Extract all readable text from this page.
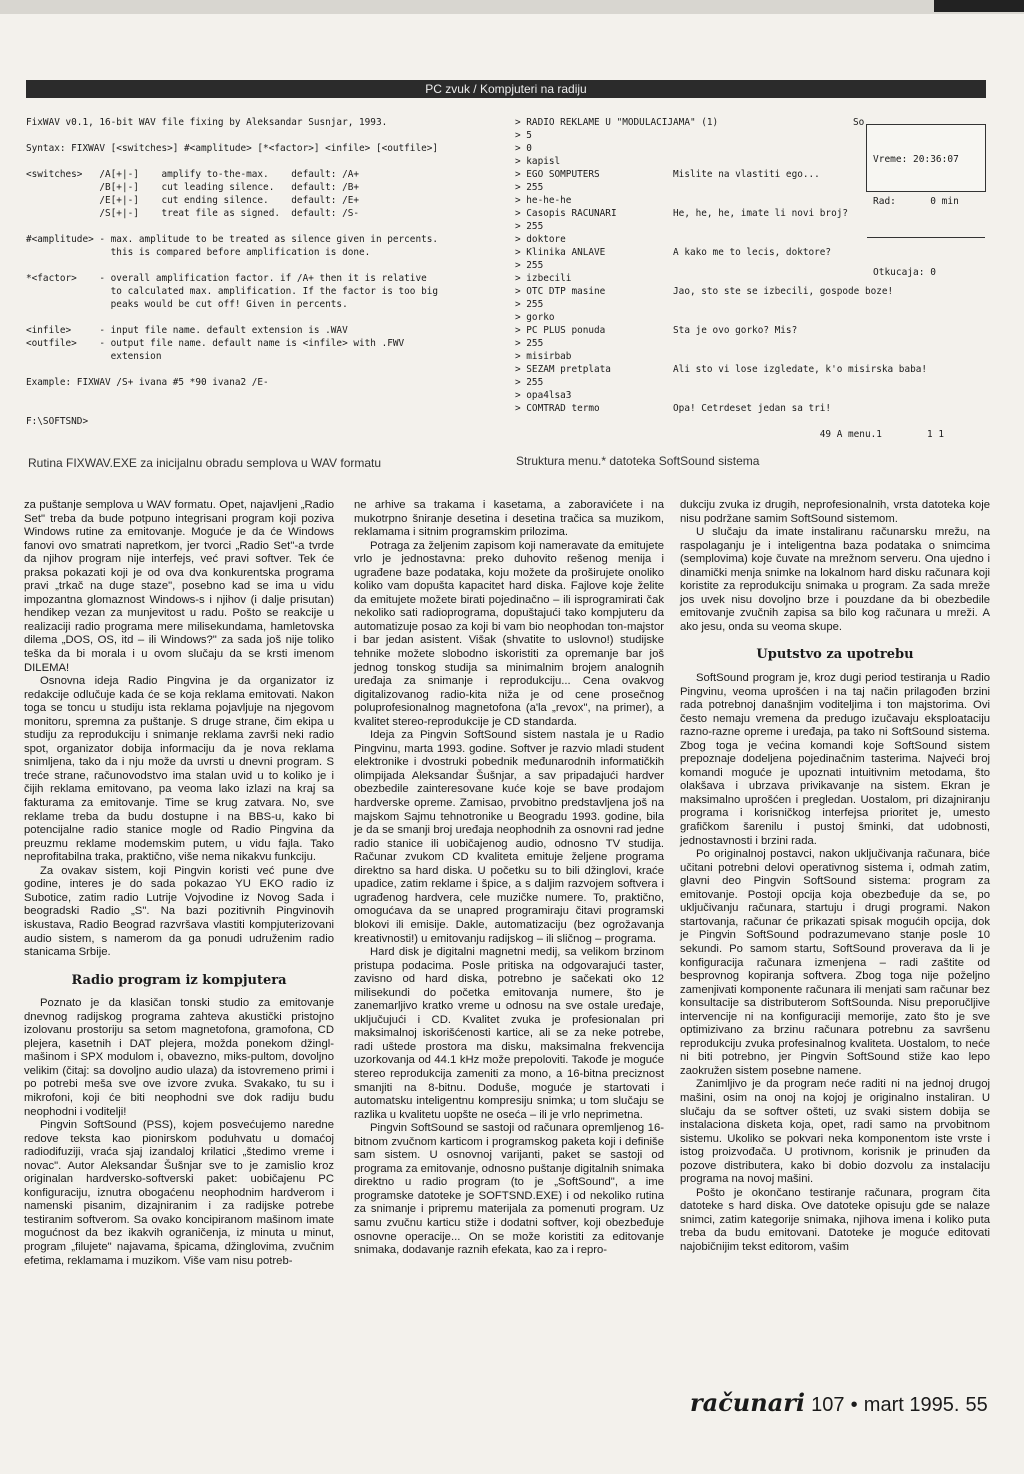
PC zvuk / Kompjuteri na radiju
FixWAV v0.1, 16-bit WAV file fixing by Aleksandar Susnjar, 1993.

Syntax: FIXWAV [<switches>] #<amplitude> [*<factor>] <infile> [<outfile>]

<switches>   /A[+|-]    amplify to-the-max.    default: /A+
/B[+|-]    cut leading silence.   default: /B+
/E[+|-]    cut ending silence.    default: /E+
/S[+|-]    treat file as signed.  default: /S-

#<amplitude> - max. amplitude to be treated as silence given in percents.
this is compared before amplification is done.

*<factor>    - overall amplification factor. if /A+ then it is relative
to calculated max. amplification. If the factor is too big
peaks would be cut off! Given in percents.

<infile>     - input file name. default extension is .WAV
<outfile>    - output file name. default name is <infile> with .FWV
extension

Example: FIXWAV /S+ ivana #5 *90 ivana2 /E-

F:\SOFTSND>
Rutina FIXWAV.EXE za inicijalnu obradu semplova u WAV formatu
> RADIO REKLAME U "MODULACIJAMA" (1)
> 5
> 0
> kapisl
> EGO SOMPUTERS             Mislite na vlastiti ego...
> 255
> he-he-he
> Casopis RACUNARI          He, he, he, imate li novi broj?
> 255
> doktore
> Klinika ANLAVE            A kako me to lecis, doktore?
> 255
> izbecili
> OTC DTP masine            Jao, sto ste se izbecili, gospode boze!
> 255
> gorko
> PC PLUS ponuda            Sta je ovo gorko? Mis?
> 255
> misirbab
> SEZAM pretplata           Ali sto vi lose izgledate, k'o misirska baba!
> 255
> opa4lsa3
> COMTRAD termo             Opa! Cetrdeset jedan sa tri!

49 A menu.1        1 1
So

Vreme: 20:36:07

Rad:      0 min

Otkucaja: 0

Struktura menu.* datoteka SoftSound sistema

za puštanje semplova u WAV formatu. Opet, najavljeni „Radio Set" treba da bude potpuno integrisani program koji poziva Windows rutine za emitovanje. Moguće je da će Windows fanovi ovo smatrati napretkom, jer tvorci „Radio Set"-a tvrde da njihov program nije interfejs, već pravi softver. Tek će praksa pokazati koji je od ova dva konkurentska programa pravi „trkač na duge staze", posebno kad se ima u vidu impozantna glomaznost Windows-s i njihov (i dalje prisutan) hendikep vezan za munjevitost u radu. Pošto se reakcije u realizaciji radio programa mere milisekundama, hamletovska dilema „DOS, OS, itd – ili Windows?" za sada još nije toliko teška da bi morala i u ovom slučaju da se krsti imenom DILEMA!

Osnovna ideja Radio Pingvina je da organizator iz redakcije odlučuje kada će se koja reklama emitovati. Nakon toga se toncu u studiju ista reklama pojavljuje na njegovom monitoru, spremna za puštanje. S druge strane, čim ekipa u studiju za reprodukciju i snimanje reklama završi neki radio spot, organizator dobija informaciju da je nova reklama snimljena, tako da i nju može da uvrsti u dnevni program. S treće strane, računovodstvo ima stalan uvid u to koliko je i čijih reklama emitovano, pa veoma lako izlazi na kraj sa fakturama za emitovanje. Time se krug zatvara. No, sve reklame treba da budu dostupne i na BBS-u, kako bi potencijalne radio stanice mogle od Radio Pingvina da preuzmu reklame modemskim putem, u vidu fajla. Tako neprofitabilna traka, praktično, više nema nikakvu funkciju.

Za ovakav sistem, koji Pingvin koristi već pune dve godine, interes je do sada pokazao YU EKO radio iz Subotice, zatim radio Lutrije Vojvodine iz Novog Sada i beogradski Radio „S". Na bazi pozitivnih Pingvinovih iskustava, Radio Beograd razvršava vlastiti kompjuterizovani audio sistem, s namerom da ga ponudi udruženim radio stanicama Srbije.

Radio program iz kompjutera

Poznato je da klasičan tonski studio za emitovanje dnevnog radijskog programa zahteva akustički pristojno izolovanu prostoriju sa setom magnetofona, gramofona, CD plejera, kasetnih i DAT plejera, možda ponekom džingl-mašinom i SPX modulom i, obavezno, miks-pultom, dovoljno velikim (čitaj: sa dovoljno audio ulaza) da istovremeno primi i po potrebi meša sve ove izvore zvuka. Svakako, tu su i mikrofoni, koji će biti neophodni sve dok radiju budu neophodni i voditelji!

Pingvin SoftSound (PSS), kojem posvećujemo naredne redove teksta kao pionirskom poduhvatu u domaćoj radiodifuziji, vraća sjaj izandaloj krilatici „štedimo vreme i novac". Autor Aleksandar Šušnjar sve to je zamislio kroz originalan hardversko-softverski paket: uobičajenu PC konfiguraciju, iznutra obogaćenu neophodnim hardverom i namenski pisanim, dizajniranim i za radijske potrebe testiranim softverom. Sa ovako koncipiranom mašinom imate mogućnost da bez ikakvih ograničenja, iz minuta u minut, program „filujete" najavama, špicama, džinglovima, zvučnim efetima, reklamama i muzikom. Više vam nisu potreb-

ne arhive sa trakama i kasetama, a zaboravićete i na mukotrpno šniranje desetina i desetina tračica sa muzikom, reklamama i sitnim programskim prilozima.

Potraga za željenim zapisom koji nameravate da emitujete vrlo je jednostavna: preko duhovito rešenog menija i ugrađene baze podataka, koju možete da proširujete onoliko koliko vam dopušta kapacitet hard diska. Fajlove koje želite da emitujete možete birati pojedinačno – ili isprogramirati čak nekoliko sati radioprograma, dopuštajući tako kompjuteru da automatizuje posao za koji bi vam bio neophodan ton-majstor i bar jedan asistent. Višak (shvatite to uslovno!) studijske tehnike možete slobodno iskoristiti za opremanje bar još jednog tonskog studija sa minimalnim brojem analognih uređaja za snimanje i reprodukciju... Cena ovakvog digitalizovanog radio-kita niža je od cene prosečnog poluprofesionalnog magnetofona (a'la „revox", na primer), a kvalitet stereo-reprodukcije je CD standarda.

Ideja za Pingvin SoftSound sistem nastala je u Radio Pingvinu, marta 1993. godine. Softver je razvio mladi student elektronike i dvostruki pobednik međunarodnih informatičkih olimpijada Aleksandar Šušnjar, a sav pripadajući hardver obezbedile zainteresovane kuće koje se bave prodajom hardverske opreme. Zamisao, prvobitno predstavljena još na majskom Sajmu tehnotronike u Beogradu 1993. godine, bila je da se smanji broj uređaja neophodnih za osnovni rad jedne radio stanice ili uobičajenog audio, odnosno TV studija. Računar zvukom CD kvaliteta emituje željene programa direktno sa hard diska. U početku su to bili džinglovi, kraće upadice, zatim reklame i špice, a s daljim razvojem softvera i ugrađenog hardvera, cele muzičke numere. To, praktično, omogućava da se unapred programiraju čitavi programski blokovi ili emisije. Dakle, automatizaciju (bez ogrožavanja kreativnosti!) u emitovanju radijskog – ili sličnog – programa.

Hard disk je digitalni magnetni medij, sa velikom brzinom pristupa podacima. Posle pritiska na odgovarajući taster, zavisno od hard diska, potrebno je sačekati oko 12 milisekundi do početka emitovanja numere, što je zanemarljivo kratko vreme u odnosu na sve ostale uređaje, uključujući i CD. Kvalitet zvuka je profesionalan pri maksimalnoj iskorišćenosti kartice, ali se za neke potrebe, radi uštede prostora ma disku, maksimalna frekvencija uzorkovanja od 44.1 kHz može prepoloviti. Takođe je moguće stereo reprodukcija zameniti za mono, a 16-bitna preciznost smanjiti na 8-bitnu. Doduše, moguće je startovati i automatsku inteligentnu kompresiju snimka; u tom slučaju se razlika u kvalitetu uopšte ne oseća – ili je vrlo neprimetna.

Pingvin SoftSound se sastoji od računara opremljenog 16-bitnom zvučnom karticom i programskog paketa koji i definiše sam sistem. U osnovnoj varijanti, paket se sastoji od programa za emitovanje, odnosno puštanje digitalnih snimaka direktno u radio program (to je „SoftSound", a ime programske datoteke je SOFTSND.EXE) i od nekoliko rutina za snimanje i pripremu materijala za pomenuti program. Uz samu zvučnu karticu stiže i dodatni softver, koji obezbeđuje osnovne operacije... On se može koristiti za editovanje snimaka, dodavanje raznih efekata, kao za i repro-

dukciju zvuka iz drugih, neprofesionalnih, vrsta datoteka koje nisu podržane samim SoftSound sistemom.

U slučaju da imate instaliranu računarsku mrežu, na raspolaganju je i inteligentna baza podataka o snimcima (semplovima) koje čuvate na mrežnom serveru. Ona ujedno i dinamički menja snimke na lokalnom hard disku računara koji koristite za reprodukciju snimaka u program. Za sada mreže jos uvek nisu dovoljno brze i pouzdane da bi obezbedile emitovanje zvučnih zapisa sa bilo kog računara u mreži. A ako jesu, onda su veoma skupe.

Uputstvo za upotrebu

SoftSound program je, kroz dugi period testiranja u Radio Pingvinu, veoma uprošćen i na taj način prilagođen brzini rada potrebnoj današnjim voditeljima i ton majstorima. Ovi često nemaju vremena da predugo izučavaju eksploataciju razno-razne opreme i uređaja, pa tako ni SoftSound sistema. Zbog toga je većina komandi koje SoftSound sistem prepoznaje dodeljena pojedinačnim tasterima. Najveći broj komandi moguće je upoznati intuitivnim metodama, što olakšava i ubrzava privikavanje na sistem. Ekran je maksimalno uprošćen i pregledan. Uostalom, pri dizajniranju programa i korisničkog interfejsa prioritet je, umesto grafičkom šarenilu i pustoj šminki, dat udobnosti, jednostavnosti i brzini rada.

Po originalnoj postavci, nakon uključivanja računara, biće učitani potrebni delovi operativnog sistema i, odmah zatim, glavni deo Pingvin SoftSound sistema: program za emitovanje. Postoji opcija koja obezbeđuje da se, po uključivanju računara, startuju i drugi programi. Nakon startovanja, računar će prikazati spisak mogućih opcija, dok je Pingvin SoftSound podrazumevano stanje posle 10 sekundi. Po samom startu, SoftSound proverava da li je konfiguracija računara izmenjena – radi zaštite od besprovnog kopiranja softvera. Zbog toga nije poželjno zamenjivati komponente računara ili menjati sam računar bez konsultacije sa distributerom SoftSounda. Nisu preporučljive intervencije ni na konfiguraciji memorije, zato što je sve optimizivano za brzinu računara potrebnu za savršenu reprodukciju zvuka profesinalnog kvaliteta. Uostalom, to neće ni biti potrebno, jer Pingvin SoftSound stiže kao lepo zaokružen sistem posebne namene.

Zanimljivo je da program neće raditi ni na jednoj drugoj mašini, osim na onoj na kojoj je originalno instaliran. U slučaju da se softver ošteti, uz svaki sistem dobija se instalaciona disketa koja, opet, radi samo na prvobitnom sistemu. Ukoliko se pokvari neka komponentom iste vrste i istog proizvođača. U protivnom, korisnik je prinuđen da pozove distributera, kako bi dobio dozvolu za instalaciju programa na novoj mašini.

Pošto je okončano testiranje računara, program čita datoteke s hard diska. Ove datoteke opisuju gde se nalaze snimci, zatim kategorije snimaka, njihova imena i koliko puta treba da budu emitovani. Datoteke je moguće editovati najobičnijim tekst editorom, vašim

računari 107 • mart 1995. 55
